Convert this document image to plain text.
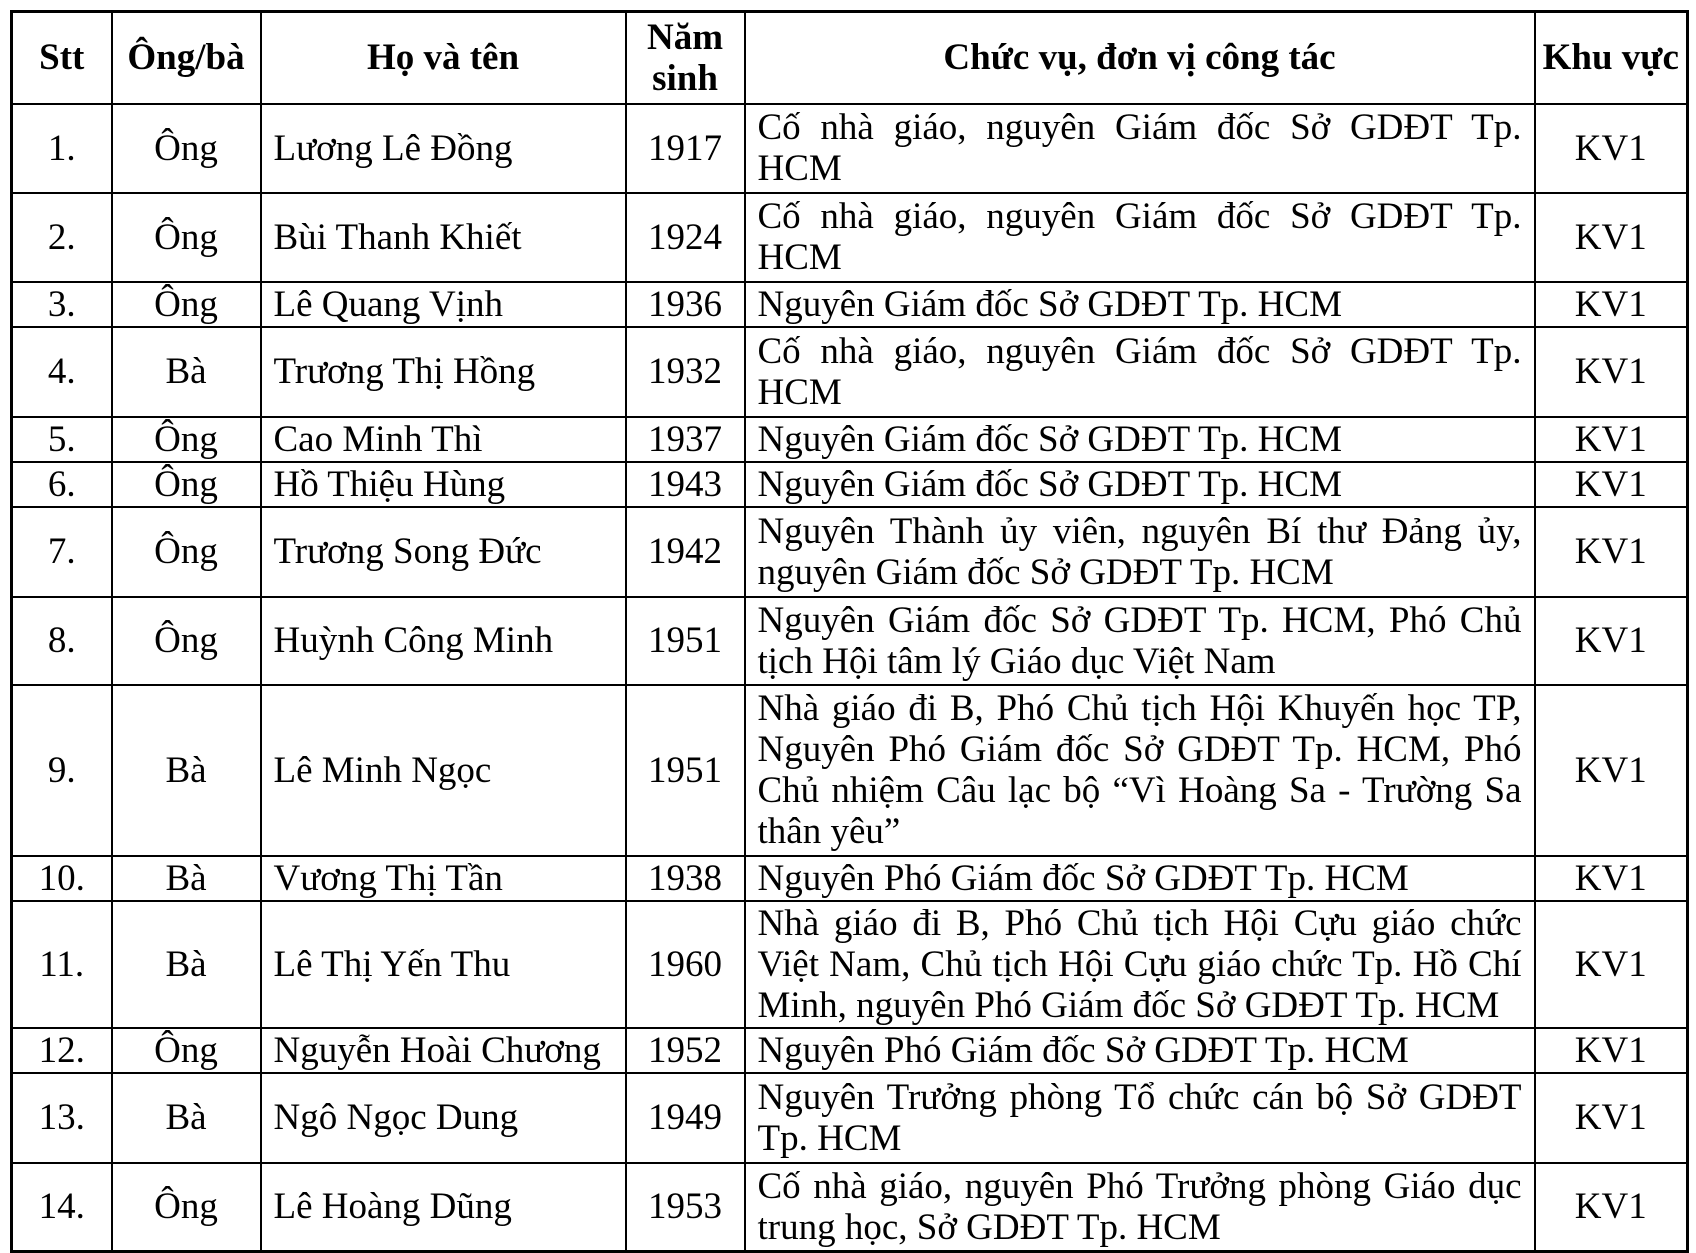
Stt	Ông/bà	Họ và tên	Năm sinh	Chức vụ, đơn vị công tác	Khu vực
1.	Ông	Lương Lê Đồng	1917	Cố nhà giáo, nguyên Giám đốc Sở GDĐT Tp. HCM	KV1
2.	Ông	Bùi Thanh Khiết	1924	Cố nhà giáo, nguyên Giám đốc Sở GDĐT Tp. HCM	KV1
3.	Ông	Lê Quang Vịnh	1936	Nguyên Giám đốc Sở GDĐT Tp. HCM	KV1
4.	Bà	Trương Thị Hồng	1932	Cố nhà giáo, nguyên Giám đốc Sở GDĐT Tp. HCM	KV1
5.	Ông	Cao Minh Thì	1937	Nguyên Giám đốc Sở GDĐT Tp. HCM	KV1
6.	Ông	Hồ Thiệu Hùng	1943	Nguyên Giám đốc Sở GDĐT Tp. HCM	KV1
7.	Ông	Trương Song Đức	1942	Nguyên Thành ủy viên, nguyên Bí thư Đảng ủy, nguyên Giám đốc Sở GDĐT Tp. HCM	KV1
8.	Ông	Huỳnh Công Minh	1951	Nguyên Giám đốc Sở GDĐT Tp. HCM, Phó Chủ tịch Hội tâm lý Giáo dục Việt Nam	KV1
9.	Bà	Lê Minh Ngọc	1951	Nhà giáo đi B, Phó Chủ tịch Hội Khuyến học TP, Nguyên Phó Giám đốc Sở GDĐT Tp. HCM, Phó Chủ nhiệm Câu lạc bộ “Vì Hoàng Sa - Trường Sa thân yêu”	KV1
10.	Bà	Vương Thị Tần	1938	Nguyên Phó Giám đốc Sở GDĐT Tp. HCM	KV1
11.	Bà	Lê Thị Yến Thu	1960	Nhà giáo đi B, Phó Chủ tịch Hội Cựu giáo chức Việt Nam, Chủ tịch Hội Cựu giáo chức Tp. Hồ Chí Minh, nguyên Phó Giám đốc Sở GDĐT Tp. HCM	KV1
12.	Ông	Nguyễn Hoài Chương	1952	Nguyên Phó Giám đốc Sở GDĐT Tp. HCM	KV1
13.	Bà	Ngô Ngọc Dung	1949	Nguyên Trưởng phòng Tổ chức cán bộ Sở GDĐT Tp. HCM	KV1
14.	Ông	Lê Hoàng Dũng	1953	Cố nhà giáo, nguyên Phó Trưởng phòng Giáo dục trung học, Sở GDĐT Tp. HCM	KV1
